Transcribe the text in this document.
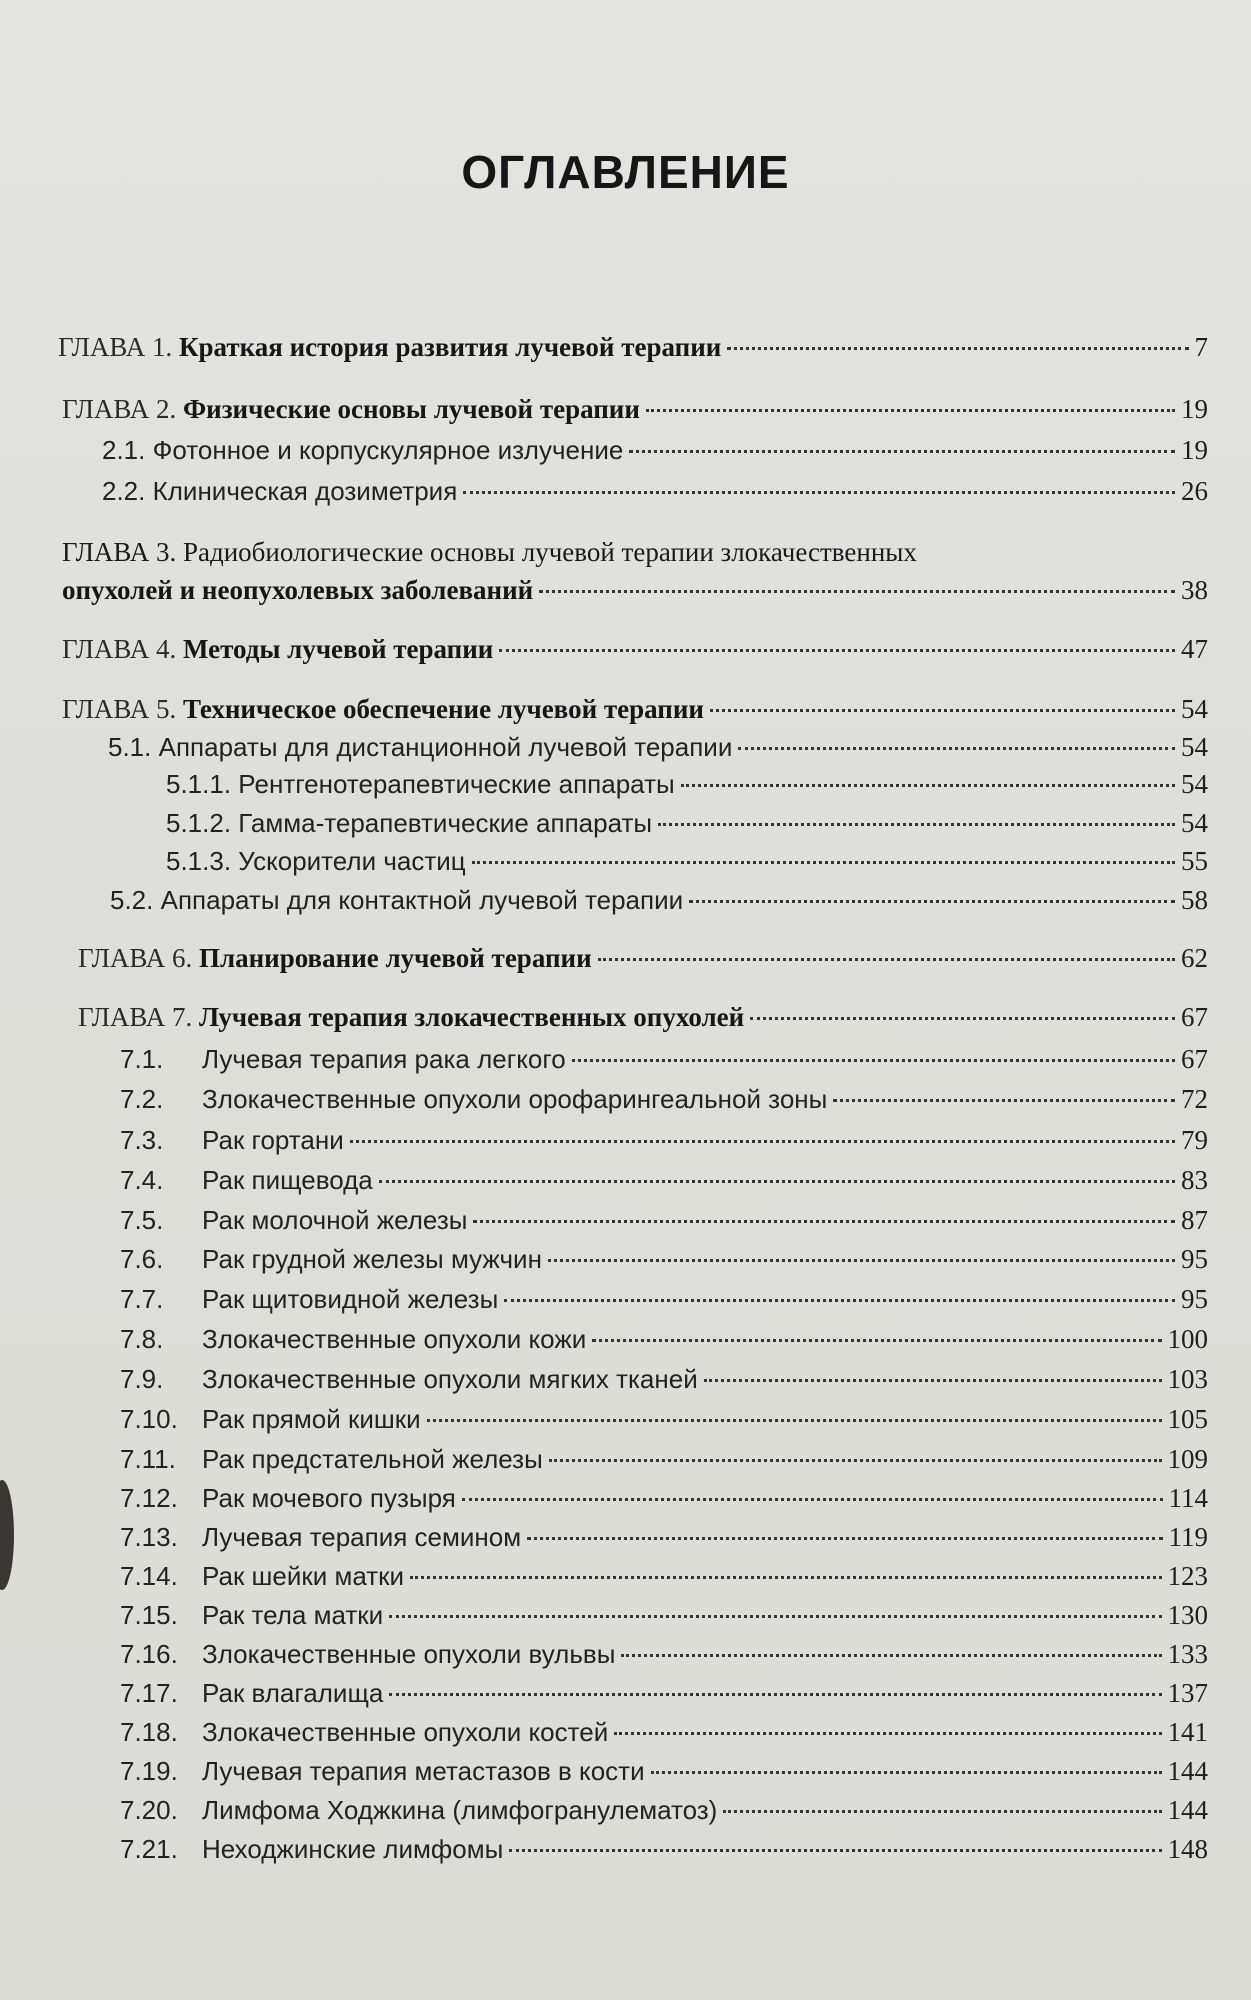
ОГЛАВЛЕНИЕ
ГЛАВА 1. Краткая история развития лучевой терапии	7
ГЛАВА 2. Физические основы лучевой терапии	19
2.1. Фотонное и корпускулярное излучение	19
2.2. Клиническая дозиметрия	26
ГЛАВА 3. Радиобиологические основы лучевой терапии злокачественных
опухолей и неопухолевых заболеваний	38
ГЛАВА 4. Методы лучевой терапии	47
ГЛАВА 5. Техническое обеспечение лучевой терапии	54
5.1. Аппараты для дистанционной лучевой терапии	54
5.1.1. Рентгенотерапевтические аппараты	54
5.1.2. Гамма-терапевтические аппараты	54
5.1.3. Ускорители частиц	55
5.2. Аппараты для контактной лучевой терапии	58
ГЛАВА 6. Планирование лучевой терапии	62
ГЛАВА 7. Лучевая терапия злокачественных опухолей	67
7.1. Лучевая терапия рака легкого	67
7.2. Злокачественные опухоли орофарингеальной зоны	72
7.3. Рак гортани	79
7.4. Рак пищевода	83
7.5. Рак молочной железы	87
7.6. Рак грудной железы мужчин	95
7.7. Рак щитовидной железы	95
7.8. Злокачественные опухоли кожи	100
7.9. Злокачественные опухоли мягких тканей	103
7.10. Рак прямой кишки	105
7.11. Рак предстательной железы	109
7.12. Рак мочевого пузыря	114
7.13. Лучевая терапия семином	119
7.14. Рак шейки матки	123
7.15. Рак тела матки	130
7.16. Злокачественные опухоли вульвы	133
7.17. Рак влагалища	137
7.18. Злокачественные опухоли костей	141
7.19. Лучевая терапия метастазов в кости	144
7.20. Лимфома Ходжкина (лимфогранулематоз)	144
7.21. Неходжинские лимфомы	148
